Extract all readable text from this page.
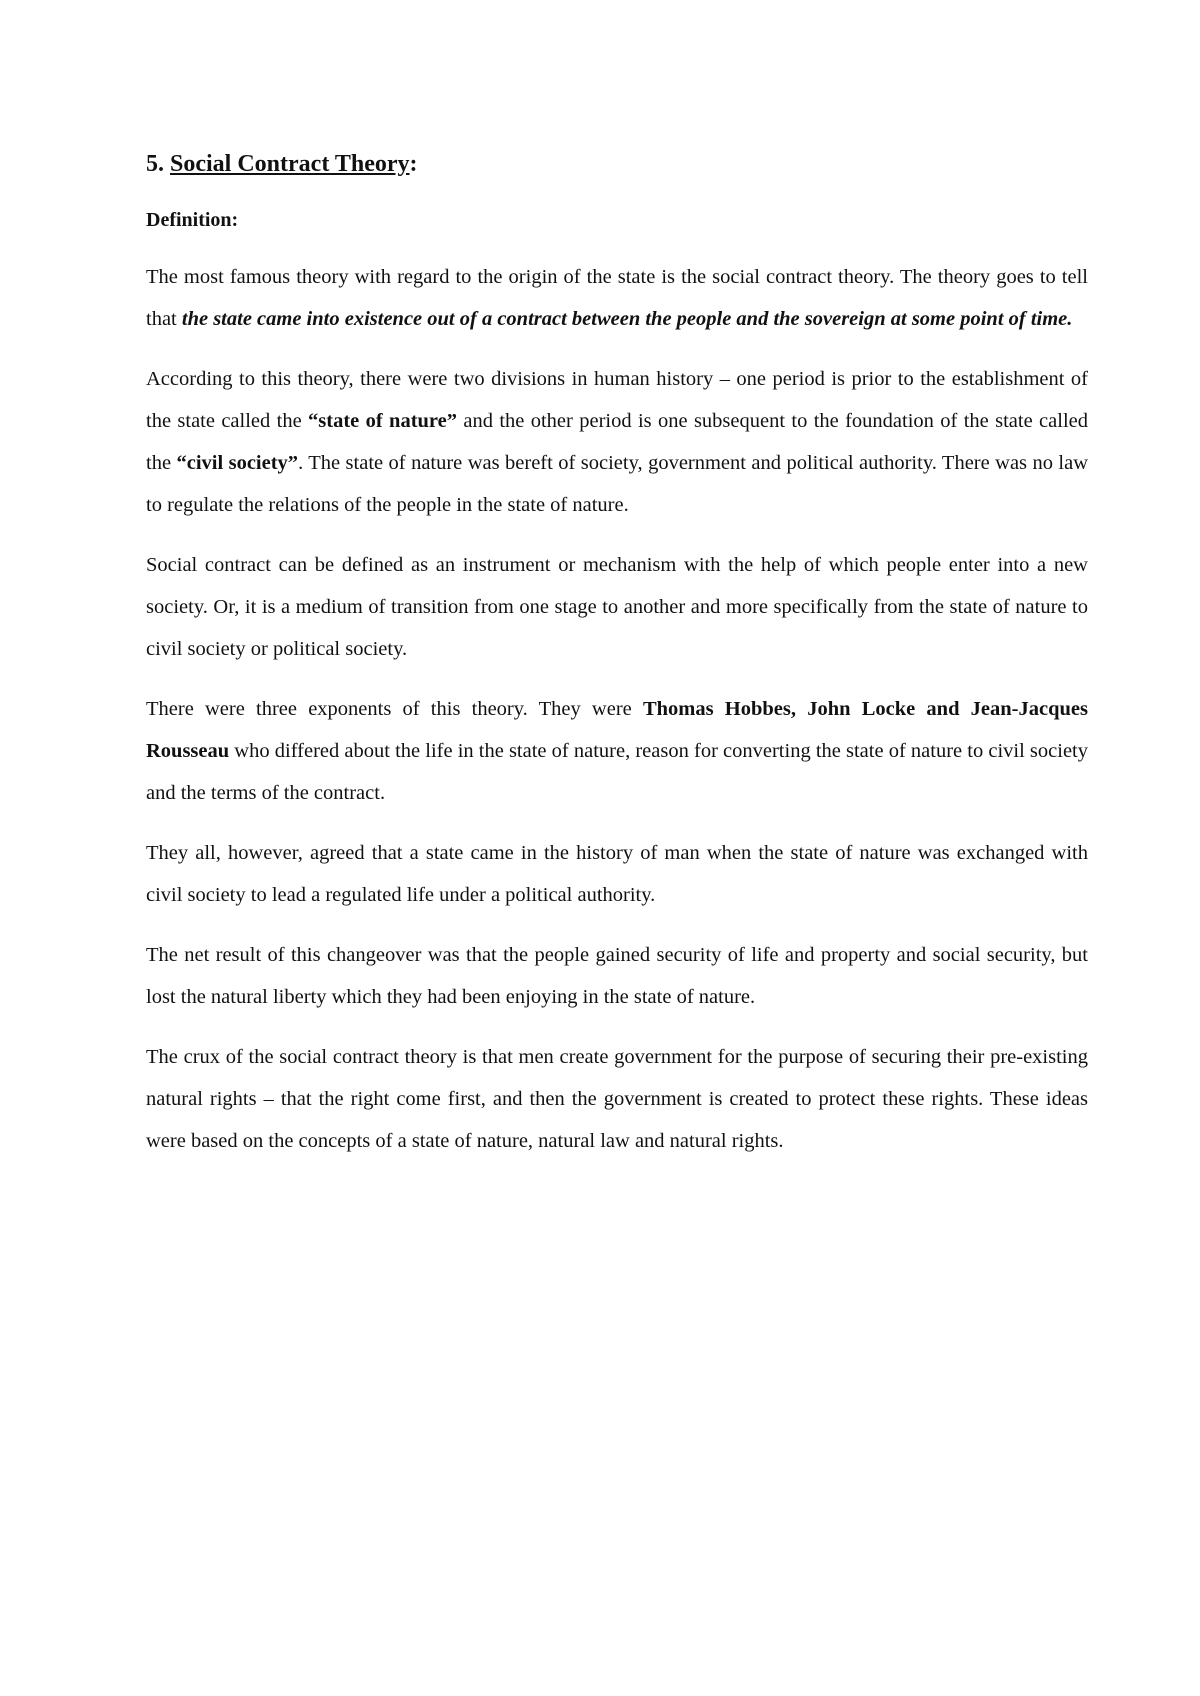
5. Social Contract Theory:
Definition:

The most famous theory with regard to the origin of the state is the social contract theory. The theory goes to tell that the state came into existence out of a contract between the people and the sovereign at some point of time.

According to this theory, there were two divisions in human history – one period is prior to the establishment of the state called the “state of nature” and the other period is one subsequent to the foundation of the state called the “civil society”. The state of nature was bereft of society, government and political authority. There was no law to regulate the relations of the people in the state of nature.

Social contract can be defined as an instrument or mechanism with the help of which people enter into a new society. Or, it is a medium of transition from one stage to another and more specifically from the state of nature to civil society or political society.

There were three exponents of this theory. They were Thomas Hobbes, John Locke and Jean-Jacques Rousseau who differed about the life in the state of nature, reason for converting the state of nature to civil society and the terms of the contract.

They all, however, agreed that a state came in the history of man when the state of nature was exchanged with civil society to lead a regulated life under a political authority.

The net result of this changeover was that the people gained security of life and property and social security, but lost the natural liberty which they had been enjoying in the state of nature.

The crux of the social contract theory is that men create government for the purpose of securing their pre-existing natural rights – that the right come first, and then the government is created to protect these rights. These ideas were based on the concepts of a state of nature, natural law and natural rights.
